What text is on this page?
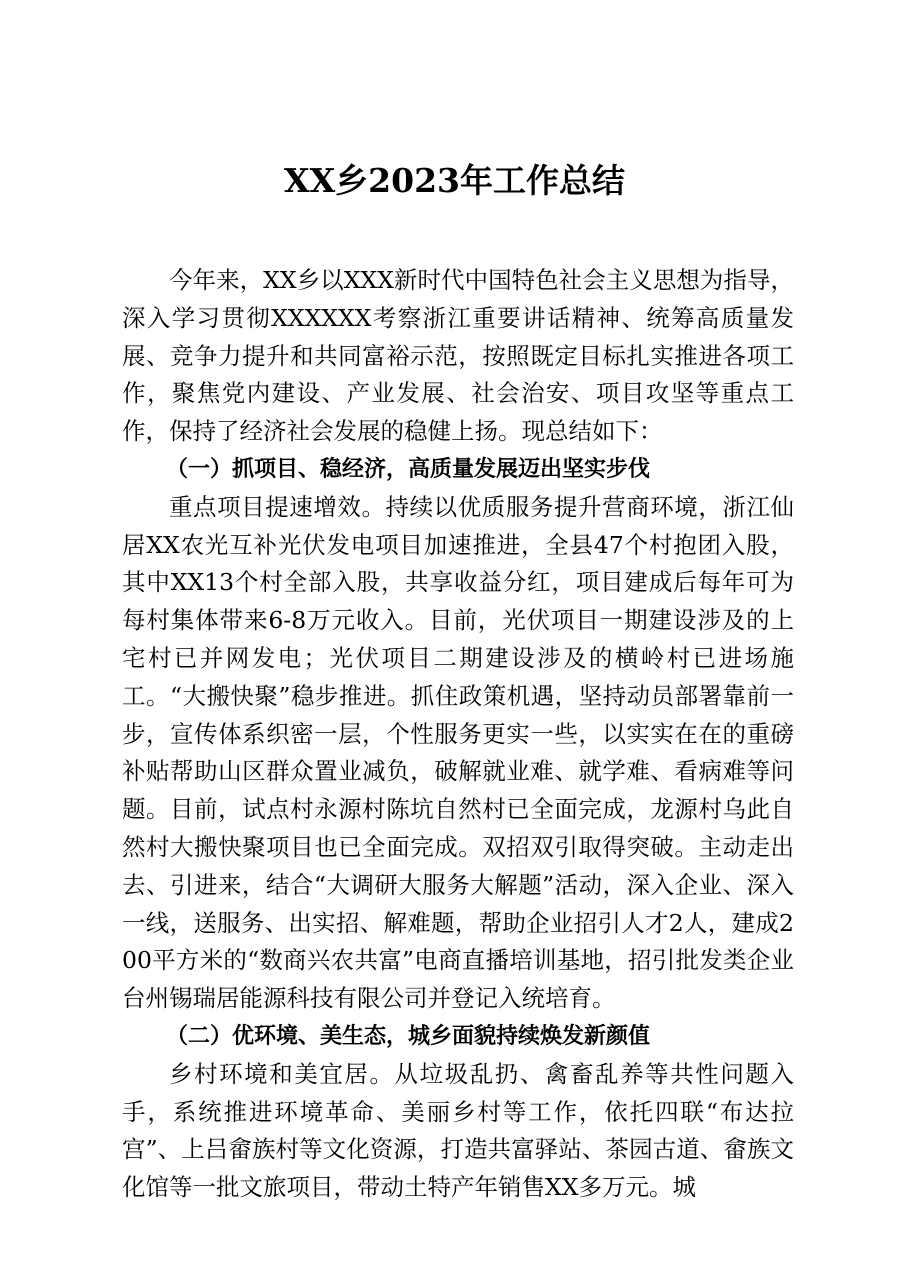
XX乡2023年工作总结

今年来，XX乡以XXX新时代中国特色社会主义思想为指导，深入学习贯彻XXXXXX考察浙江重要讲话精神、统筹高质量发展、竞争力提升和共同富裕示范，按照既定目标扎实推进各项工作，聚焦党内建设、产业发展、社会治安、项目攻坚等重点工作，保持了经济社会发展的稳健上扬。现总结如下：

（一）抓项目、稳经济，高质量发展迈出坚实步伐

重点项目提速增效。持续以优质服务提升营商环境，浙江仙居XX农光互补光伏发电项目加速推进，全县47个村抱团入股，其中XX13个村全部入股，共享收益分红，项目建成后每年可为每村集体带来6-8万元收入。目前，光伏项目一期建设涉及的上宅村已并网发电；光伏项目二期建设涉及的横岭村已进场施工。“大搬快聚”稳步推进。抓住政策机遇，坚持动员部署靠前一步，宣传体系织密一层，个性服务更实一些，以实实在在的重磅补贴帮助山区群众置业减负，破解就业难、就学难、看病难等问题。目前，试点村永源村陈坑自然村已全面完成，龙源村乌此自然村大搬快聚项目也已全面完成。双招双引取得突破。主动走出去、引进来，结合“大调研大服务大解题”活动，深入企业、深入一线，送服务、出实招、解难题，帮助企业招引人才2人，建成200平方米的“数商兴农共富”电商直播培训基地，招引批发类企业台州锡瑞居能源科技有限公司并登记入统培育。

（二）优环境、美生态，城乡面貌持续焕发新颜值

乡村环境和美宜居。从垃圾乱扔、禽畜乱养等共性问题入手，系统推进环境革命、美丽乡村等工作，依托四联“布达拉宫”、上吕畲族村等文化资源，打造共富驿站、茶园古道、畲族文化馆等一批文旅项目，带动土特产年销售XX多万元。城
